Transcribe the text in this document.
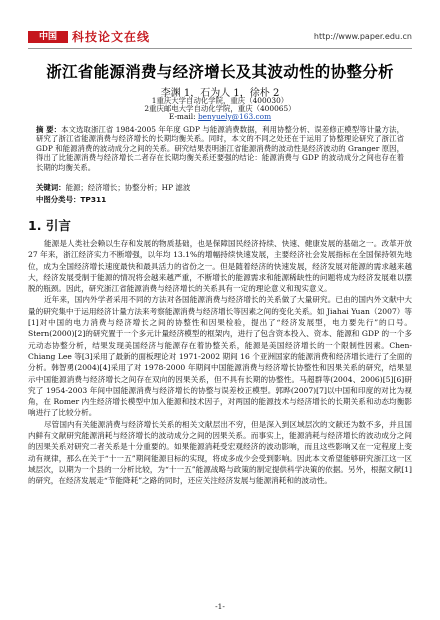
中国	科技论文在线	http://www.paper.edu.cn
浙江省能源消费与经济增长及其波动性的协整分析
李渊 1，石为人 1，徐朴 2
1重庆大学自动化学院，重庆（400030）
2重庆邮电大学自动化学院，重庆（400065）
E-mail: benyuely@163.com
摘 要：本文选取浙江省 1984-2005 年年度 GDP 与能源消费数据，利用协整分析、误差修正模型等计量方法，研究了浙江省能源消费与经济增长的长期均衡关系。同时，本文的不同之处还在于运用了协整理论研究了浙江省 GDP 和能源消费的波动成分之间的关系。研究结果表明浙江省能源消费的波动性是经济波动的 Granger 原因，得出了比能源消费与经济增长二者存在长期均衡关系还要强的结论：能源消费与 GDP 的波动成分之间也存在着长期的均衡关系。
关键词：能源；经济增长；协整分析；HP 滤波
中图分类号：TP311
1. 引言

能源是人类社会赖以生存和发展的物质基础，也是保障国民经济持续、快速、健康发展的基础之一。改革开放 27 年来，浙江经济实力不断增强，以年均 13.1%的增幅持续快速发展，主要经济社会发展指标在全国保持领先地位，成为全国经济增长速度最快和最具活力的省份之一。但是随着经济的快速发展，经济发展对能源的需求越来越大，经济发展受制于能源的情况将会越来越严重，不断增长的能源需求和能源稀缺性的问题将成为经济发展难以摆脱的瓶颈。因此，研究浙江省能源消费与经济增长的关系具有一定的理论意义和现实意义。

近年来，国内外学者采用不同的方法对各国能源消费与经济增长的关系做了大量研究。已由的国内外文献中大量的研究集中于运用经济计量方法来考察能源消费与经济增长等因素之间的变化关系。如 Jiahai Yuan（2007）等[1]对中国的电力消费与经济增长之间的协整性和因果检验，提出了“经济发展型，电力要先行”的口号。Stern(2000)[2]的研究置于一个多元计量经济模型的框架内，进行了包含资本投入、资本、能源和 GDP 的一个多元动态协整分析，结果发现美国经济与能源存在着协整关系，能源是美国经济增长的一个限制性因素。Chen-Chiang Lee 等[3]采用了最新的面板理论对 1971-2002 期间 16 个亚洲国家的能源消费和经济增长进行了全面的分析。韩智勇(2004)[4]采用了对 1978-2000 年期间中国能源消费与经济增长协整性和因果关系的研究，结果显示中国能源消费与经济增长之间存在双向的因果关系，但不具有长期的协整性。马超群等(2004、2006)[5][6]研究了 1954-2003 年间中国能源消费与经济增长的协整与误差校正模型。郭晔(2007)[7]以中国和印度的对比为视角，在 Romer 内生经济增长模型中加入能源和技术因子，对两国的能源技术与经济增长的长期关系和动态均衡影响进行了比较分析。

尽管国内有关能源消费与经济增长关系的相关文献层出不穷，但是深入到区域层次的文献还为数不多，并且国内鲜有文献研究能源消耗与经济增长的波动成分之间的因果关系。而事实上，能源消耗与经济增长的波动成分之间的因果关系对研究二者关系是十分重要的。如果能源消耗受宏观经济的波动影响，而且这些影响又在一定程度上变动有规律，那么在关于“十一五”期间能源目标的实现，将成多成少会受到影响。因此本文希望能够研究浙江这一区域层次，以期为一个县的一分析比较，为“十一五”能源战略与政策的制定提供科学决策的依据。另外，根据文献[1]的研究，在经济发展走“节能降耗”之路的同时，还应关注经济发展与能源消耗和的波动性。

-1-
